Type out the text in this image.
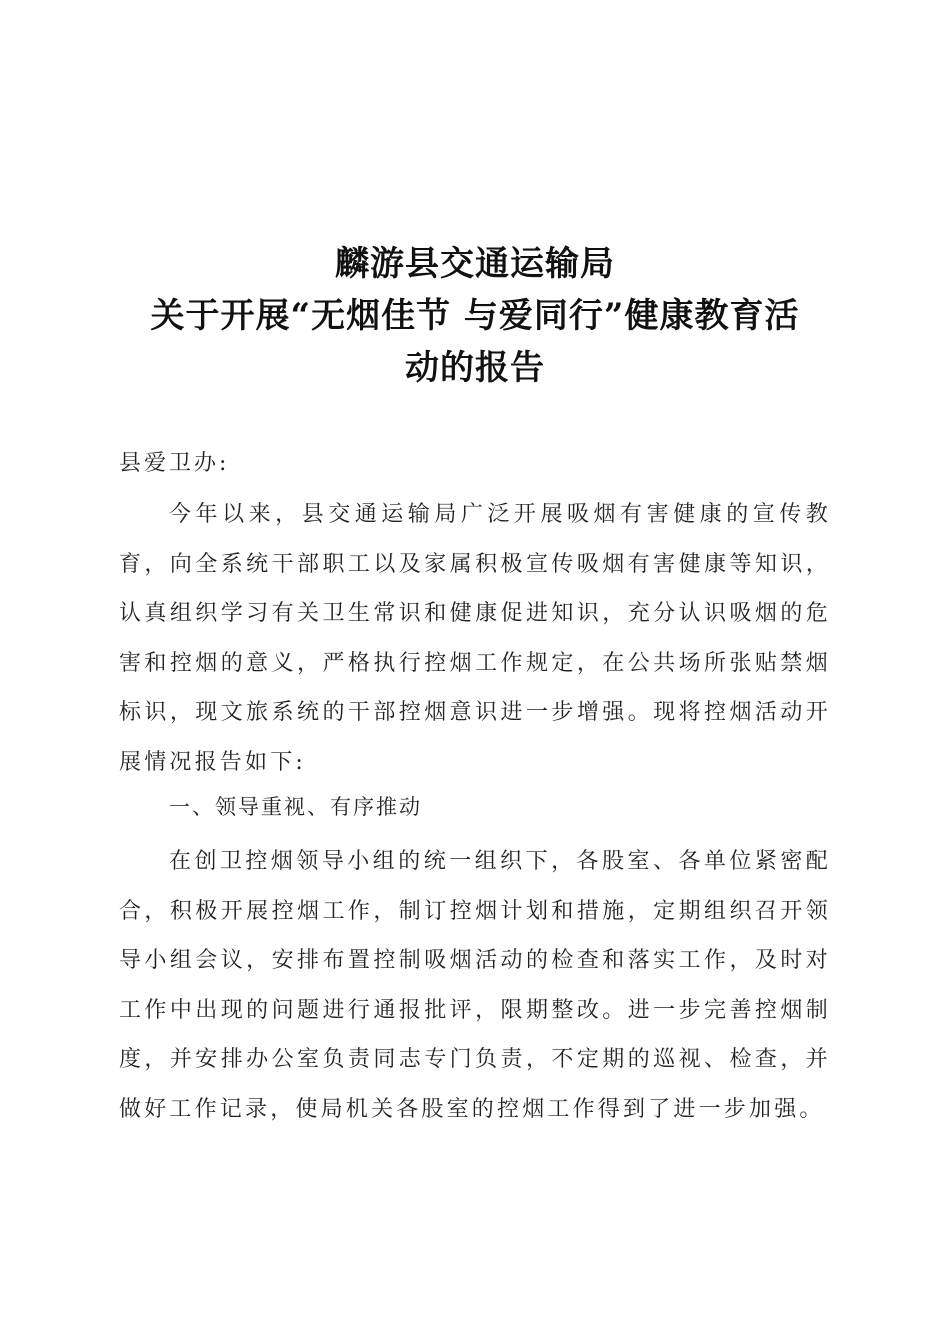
麟游县交通运输局
关于开展“无烟佳节 与爱同行”健康教育活
动的报告
县爱卫办:
今年以来，县交通运输局广泛开展吸烟有害健康的宣传教育，向全系统干部职工以及家属积极宣传吸烟有害健康等知识，认真组织学习有关卫生常识和健康促进知识，充分认识吸烟的危害和控烟的意义，严格执行控烟工作规定，在公共场所张贴禁烟标识，现文旅系统的干部控烟意识进一步增强。现将控烟活动开展情况报告如下:
一、领导重视、有序推动
在创卫控烟领导小组的统一组织下，各股室、各单位紧密配合，积极开展控烟工作，制订控烟计划和措施，定期组织召开领导小组会议，安排布置控制吸烟活动的检查和落实工作，及时对工作中出现的问题进行通报批评，限期整改。进一步完善控烟制度，并安排办公室负责同志专门负责，不定期的巡视、检查，并做好工作记录，使局机关各股室的控烟工作得到了进一步加强。
